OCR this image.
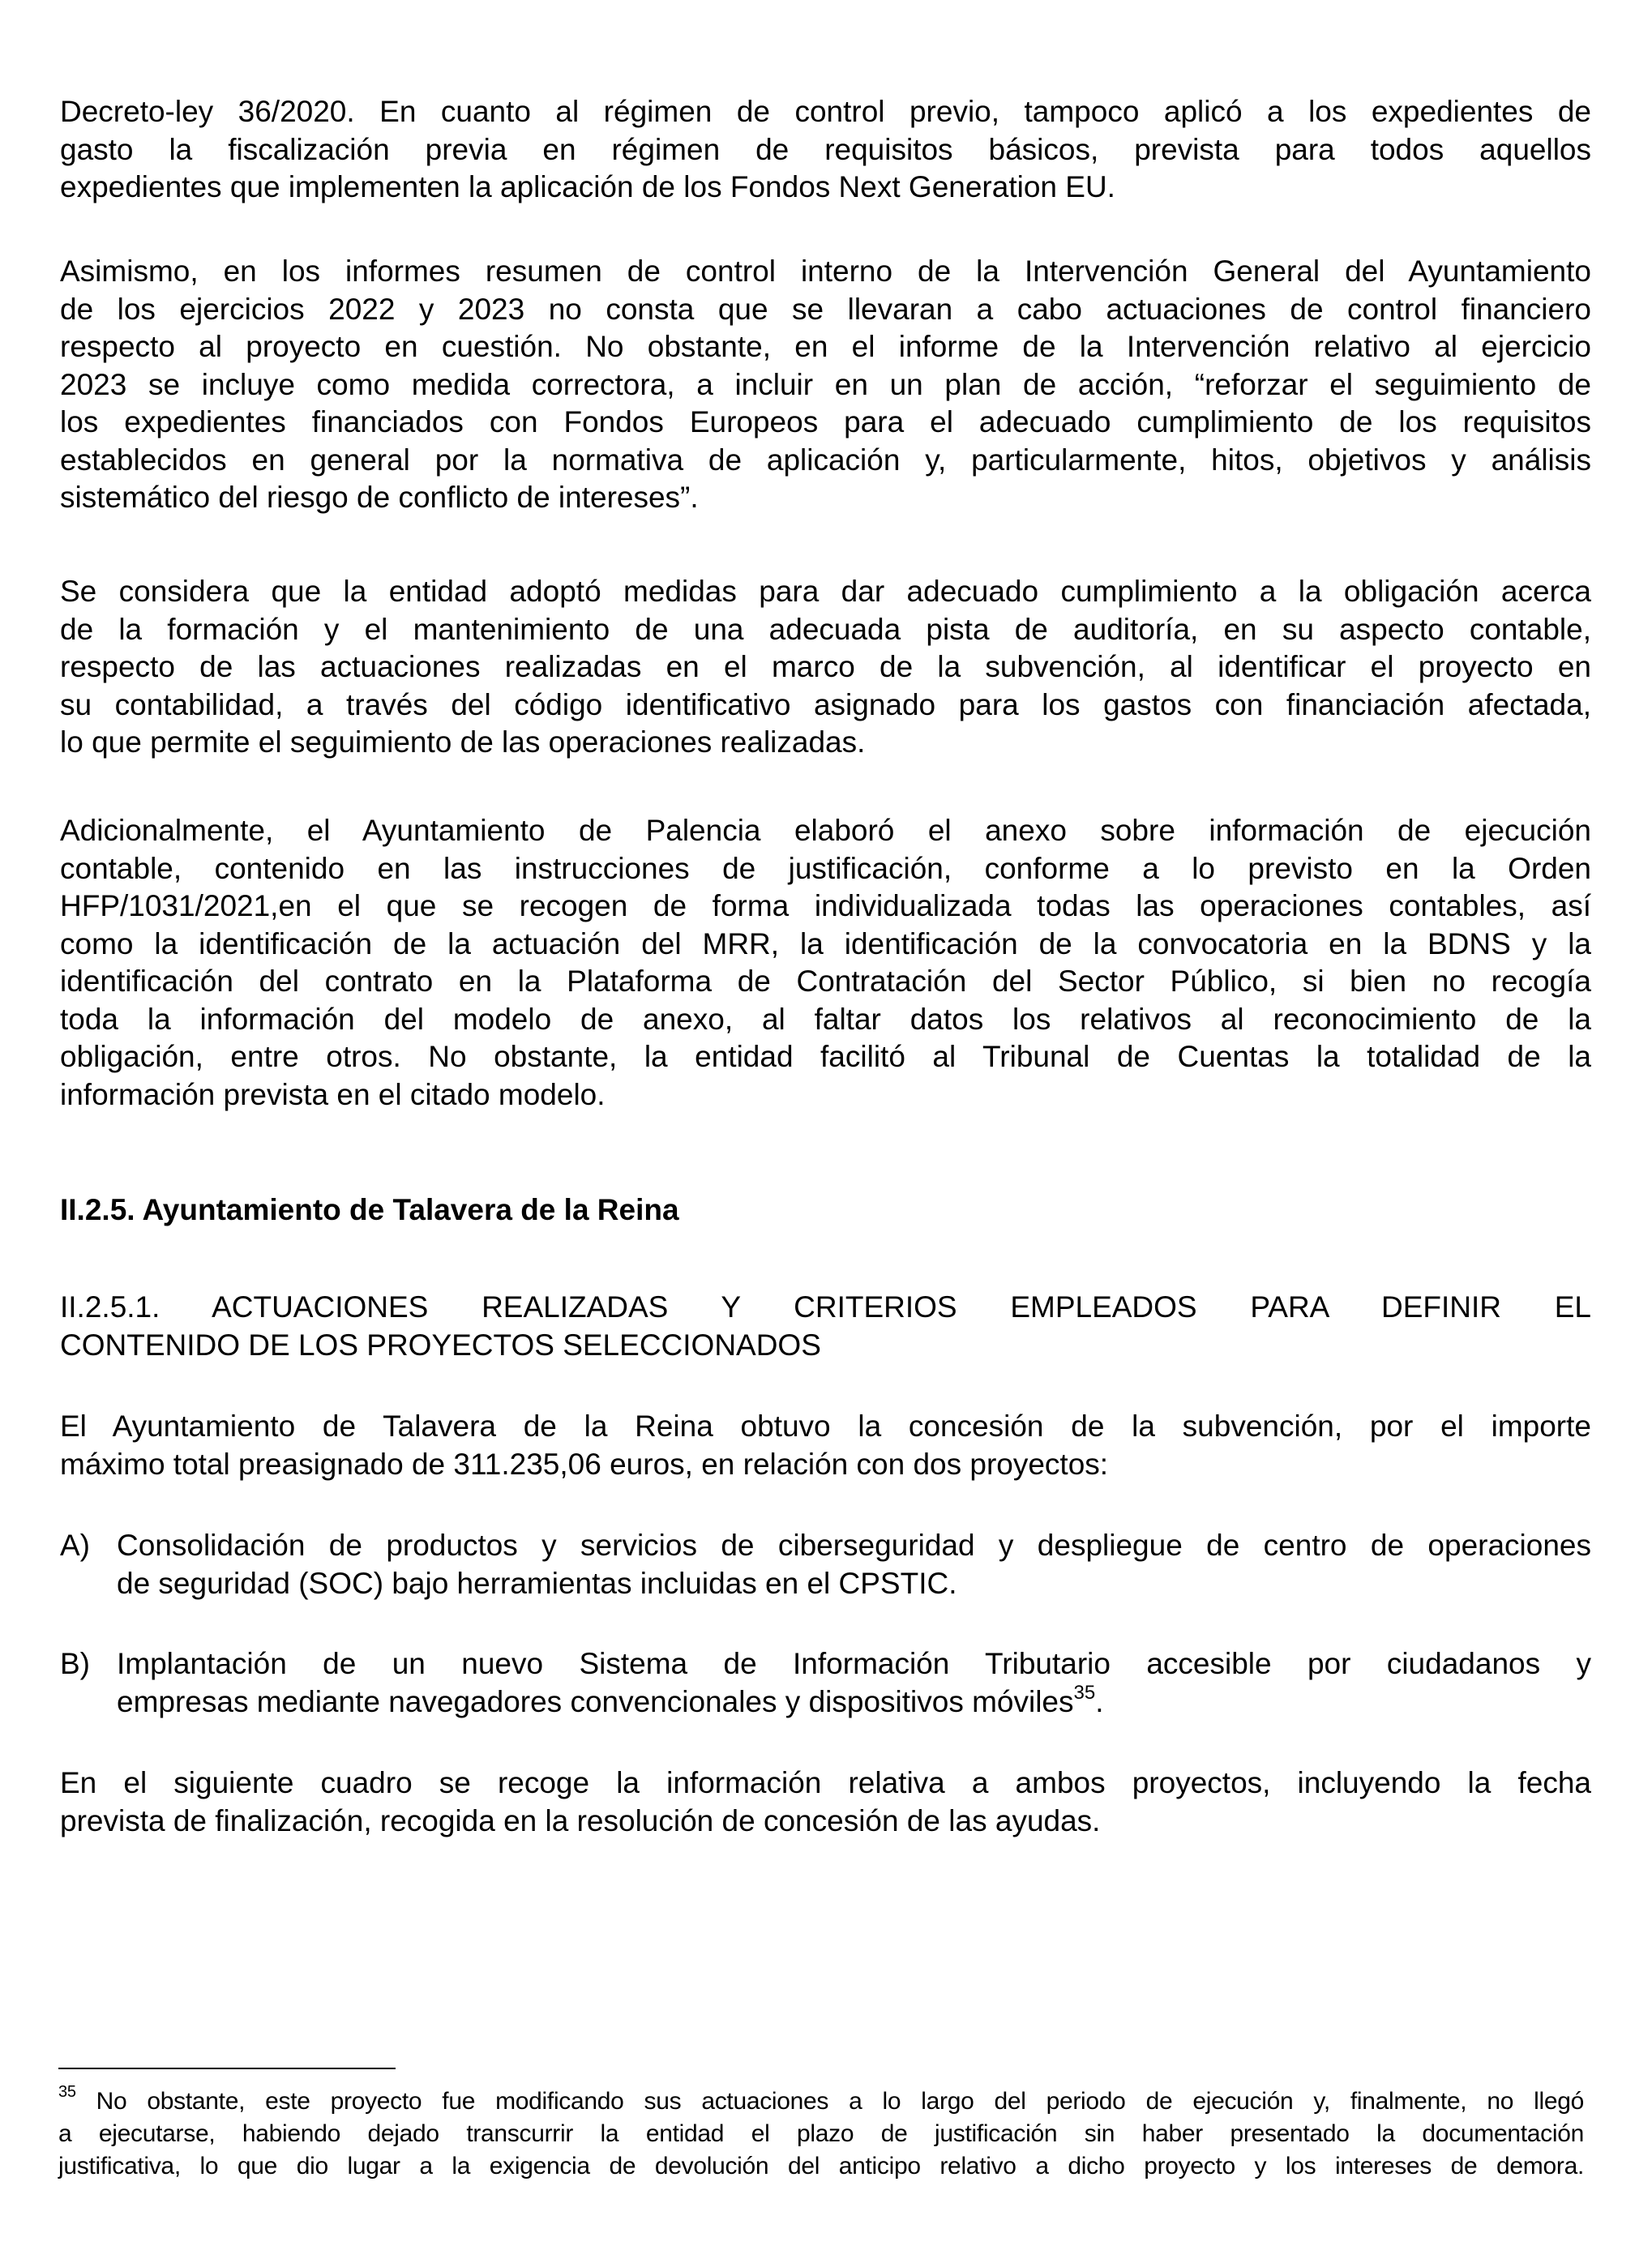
Decreto-ley 36/2020. En cuanto al régimen de control previo, tampoco aplicó a los expedientes de
gasto la fiscalización previa en régimen de requisitos básicos, prevista para todos aquellos
expedientes que implementen la aplicación de los Fondos Next Generation EU.
Asimismo, en los informes resumen de control interno de la Intervención General del Ayuntamiento
de los ejercicios 2022 y 2023 no consta que se llevaran a cabo actuaciones de control financiero
respecto al proyecto en cuestión. No obstante, en el informe de la Intervención relativo al ejercicio
2023 se incluye como medida correctora, a incluir en un plan de acción, “reforzar el seguimiento de
los expedientes financiados con Fondos Europeos para el adecuado cumplimiento de los requisitos
establecidos en general por la normativa de aplicación y, particularmente, hitos, objetivos y análisis
sistemático del riesgo de conflicto de intereses”.
Se considera que la entidad adoptó medidas para dar adecuado cumplimiento a la obligación acerca
de la formación y el mantenimiento de una adecuada pista de auditoría, en su aspecto contable,
respecto de las actuaciones realizadas en el marco de la subvención, al identificar el proyecto en
su contabilidad, a través del código identificativo asignado para los gastos con financiación afectada,
lo que permite el seguimiento de las operaciones realizadas.
Adicionalmente, el Ayuntamiento de Palencia elaboró el anexo sobre información de ejecución
contable, contenido en las instrucciones de justificación, conforme a lo previsto en la Orden
HFP/1031/2021,en el que se recogen de forma individualizada todas las operaciones contables, así
como la identificación de la actuación del MRR, la identificación de la convocatoria en la BDNS y la
identificación del contrato en la Plataforma de Contratación del Sector Público, si bien no recogía
toda la información del modelo de anexo, al faltar datos los relativos al reconocimiento de la
obligación, entre otros. No obstante, la entidad facilitó al Tribunal de Cuentas la totalidad de la
información prevista en el citado modelo.
II.2.5. Ayuntamiento de Talavera de la Reina
II.2.5.1. ACTUACIONES REALIZADAS Y CRITERIOS EMPLEADOS PARA DEFINIR EL
CONTENIDO DE LOS PROYECTOS SELECCIONADOS
El Ayuntamiento de Talavera de la Reina obtuvo la concesión de la subvención, por el importe
máximo total preasignado de 311.235,06 euros, en relación con dos proyectos:
A) Consolidación de productos y servicios de ciberseguridad y despliegue de centro de operaciones
de seguridad (SOC) bajo herramientas incluidas en el CPSTIC.
B) Implantación de un nuevo Sistema de Información Tributario accesible por ciudadanos y
empresas mediante navegadores convencionales y dispositivos móviles$^{35}$.
En el siguiente cuadro se recoge la información relativa a ambos proyectos, incluyendo la fecha
prevista de finalización, recogida en la resolución de concesión de las ayudas.
$^{35}$ No obstante, este proyecto fue modificando sus actuaciones a lo largo del periodo de ejecución y, finalmente, no llegó
a ejecutarse, habiendo dejado transcurrir la entidad el plazo de justificación sin haber presentado la documentación
justificativa, lo que dio lugar a la exigencia de devolución del anticipo relativo a dicho proyecto y los intereses de demora.
